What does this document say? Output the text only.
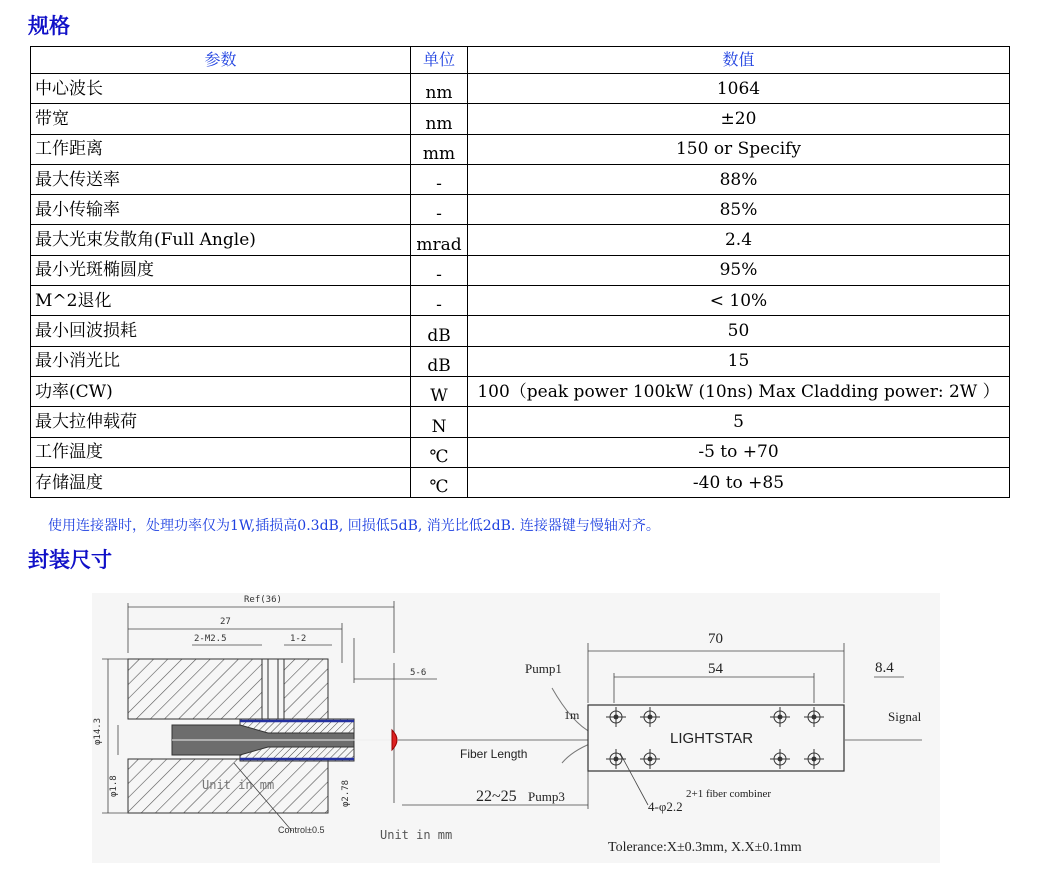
规格
参数	单位	数值
中心波长	nm	1064
带宽	nm	±20
工作距离	mm	150 or Specify
最大传送率	-	88%
最小传输率	-	85%
最大光束发散角(Full Angle)	mrad	2.4
最小光斑椭圆度	-	95%
M^2退化	-	< 10%
最小回波损耗	dB	50
最小消光比	dB	15
功率(CW)	W	100（peak power 100kW (10ns) Max Cladding power: 2W ）
最大拉伸载荷	N	5
工作温度	℃	-5 to +70
存储温度	℃	-40 to +85
使用连接器时，处理功率仅为1W,插损高0.3dB, 回损低5dB, 消光比低2dB. 连接器键与慢轴对齐。
封装尺寸
Ref(36)
27
2-M2.5	1-2
5-6
φ14.3
φ1.8	φ2.78
Unit in mm
Control±0.5	Unit in mm
Fiber Length
22~25
Pump1
Pump3
1m
70
54	8.4
Signal
LIGHTSTAR
2+1 fiber combiner
4-φ2.2
Tolerance:X±0.3mm, X.X±0.1mm
